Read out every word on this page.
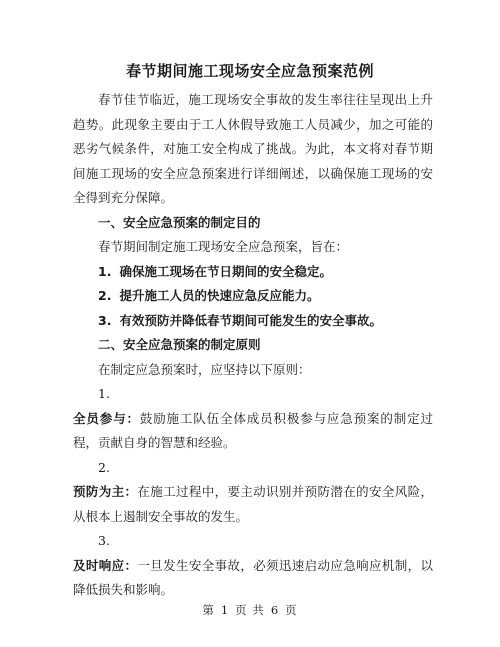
春节期间施工现场安全应急预案范例

春节佳节临近，施工现场安全事故的发生率往往呈现出上升趋势。此现象主要由于工人休假导致施工人员减少，加之可能的恶劣气候条件，对施工安全构成了挑战。为此，本文将对春节期间施工现场的安全应急预案进行详细阐述，以确保施工现场的安全得到充分保障。

一、安全应急预案的制定目的

春节期间制定施工现场安全应急预案，旨在：

1. 确保施工现场在节日期间的安全稳定。

2. 提升施工人员的快速应急反应能力。

3. 有效预防并降低春节期间可能发生的安全事故。

二、安全应急预案的制定原则

在制定应急预案时，应坚持以下原则：

1.

全员参与：鼓励施工队伍全体成员积极参与应急预案的制定过程，贡献自身的智慧和经验。

2.

预防为主：在施工过程中，要主动识别并预防潜在的安全风险，从根本上遏制安全事故的发生。

3.

及时响应：一旦发生安全事故，必须迅速启动应急响应机制，以降低损失和影响。

第 1 页 共 6 页
